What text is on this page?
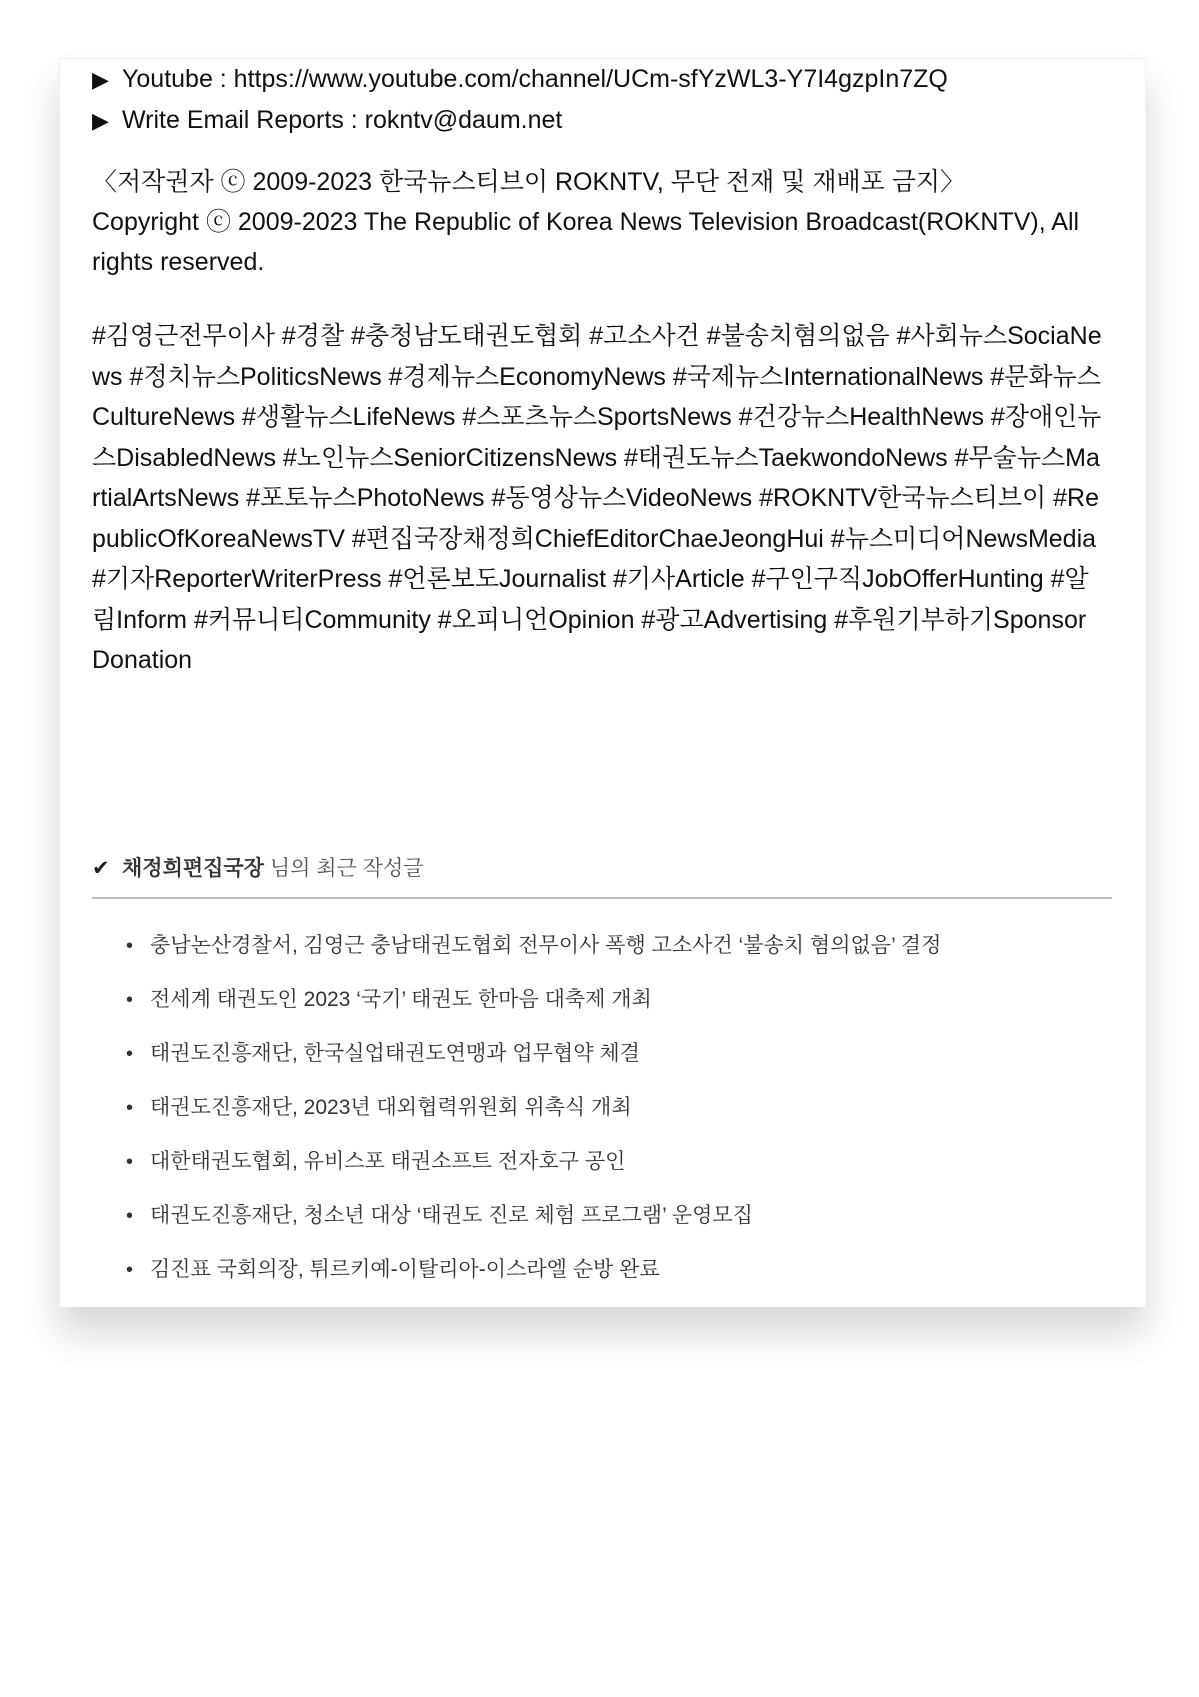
▶ Youtube : https://www.youtube.com/channel/UCm-sfYzWL3-Y7I4gzpIn7ZQ
▶ Write Email Reports : rokntv@daum.net
〈저작권자 ⓒ 2009-2023 한국뉴스티브이 ROKNTV, 무단 전재 및 재배포 금지〉
Copyright ⓒ 2009-2023 The Republic of Korea News Television Broadcast(ROKNTV), All rights reserved.
#김영근전무이사 #경찰 #충청남도태권도협회 #고소사건 #불송치혐의없음 #사회뉴스SociaNews #정치뉴스PoliticsNews #경제뉴스EconomyNews #국제뉴스InternationalNews #문화뉴스CultureNews #생활뉴스LifeNews #스포츠뉴스SportsNews #건강뉴스HealthNews #장애인뉴스DisabledNews #노인뉴스SeniorCitizensNews #태권도뉴스TaekwondoNews #무술뉴스MartialArtsNews #포토뉴스PhotoNews #동영상뉴스VideoNews #ROKNTV한국뉴스티브이 #RepublicOfKoreaNewsTV #편집국장채정희ChiefEditorChaeJeongHui #뉴스미디어NewsMedia #기자ReporterWriterPress #언론보도Journalist #기사Article #구인구직JobOfferHunting #알림Inform #커뮤니티Community #오피니언Opinion #광고Advertising #후원기부하기SponsorDonation
✔ 채정희편집국장 님의 최근 작성글
• 충남논산경찰서, 김영근 충남태권도협회 전무이사 폭행 고소사건 ‘불송치 혐의없음’ 결정
• 전세계 태권도인 2023 ‘국기’ 태권도 한마음 대축제 개최
• 태권도진흥재단, 한국실업태권도연맹과 업무협약 체결
• 태권도진흥재단, 2023년 대외협력위원회 위촉식 개최
• 대한태권도협회, 유비스포 태권소프트 전자호구 공인
• 태권도진흥재단, 청소년 대상 ‘태권도 진로 체험 프로그램’ 운영모집
• 김진표 국회의장, 튀르키예-이탈리아-이스라엘 순방 완료
